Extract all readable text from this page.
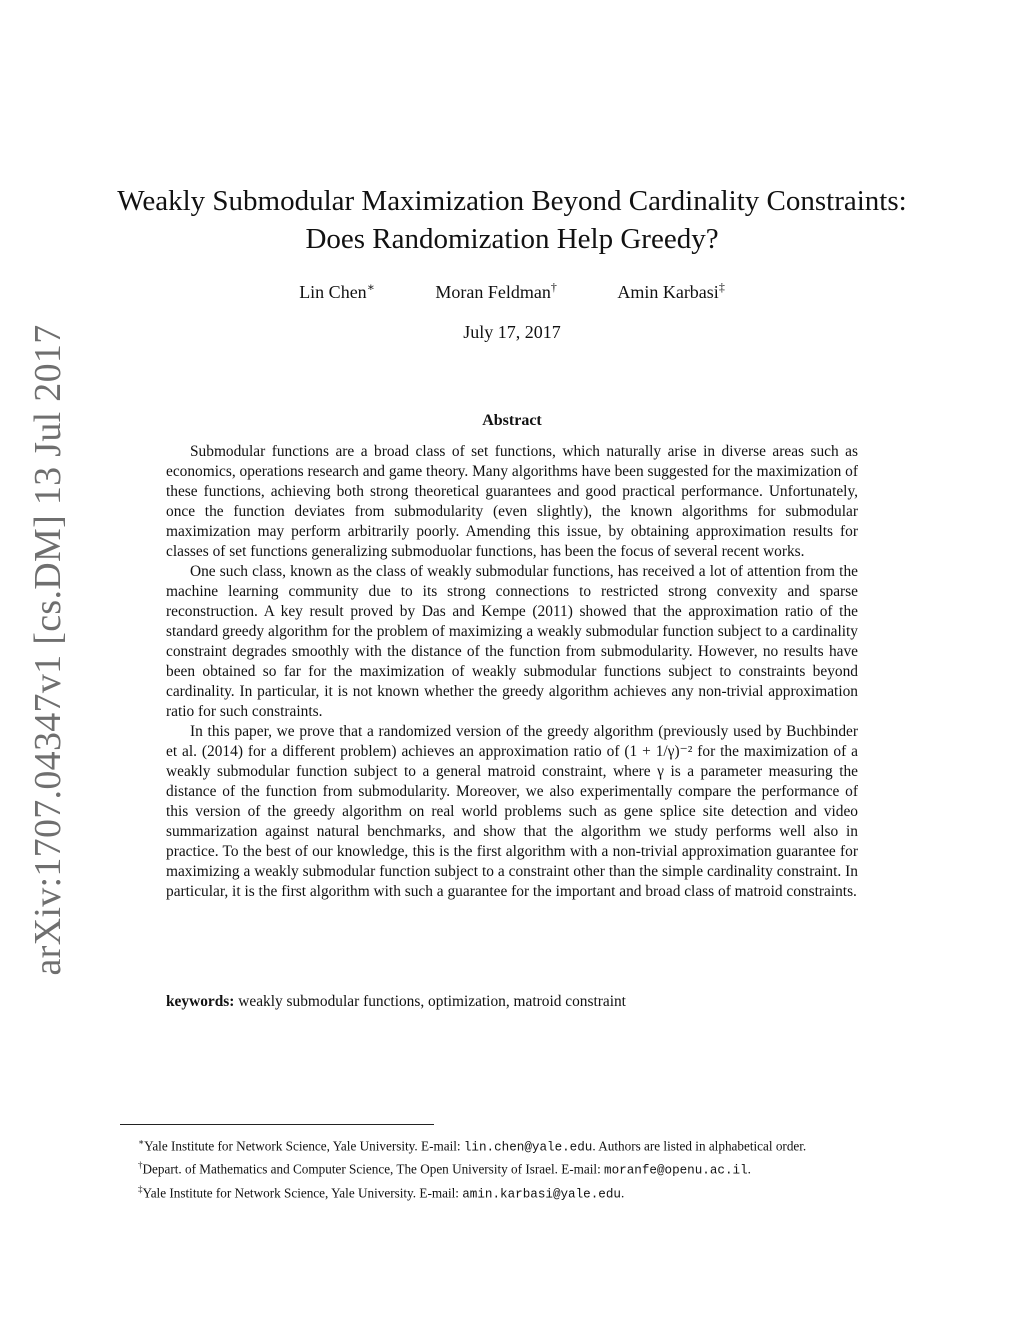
arXiv:1707.04347v1 [cs.DM] 13 Jul 2017
Weakly Submodular Maximization Beyond Cardinality Constraints:
Does Randomization Help Greedy?
Lin Chen∗	Moran Feldman†	Amin Karbasi‡
July 17, 2017
Abstract

Submodular functions are a broad class of set functions, which naturally arise in diverse areas such as economics, operations research and game theory. Many algorithms have been suggested for the maximization of these functions, achieving both strong theoretical guarantees and good practical performance. Unfortunately, once the function deviates from submodularity (even slightly), the known algorithms for submodular maximization may perform arbitrarily poorly. Amending this issue, by obtaining approximation results for classes of set functions generalizing submoduolar functions, has been the focus of several recent works.

One such class, known as the class of weakly submodular functions, has received a lot of attention from the machine learning community due to its strong connections to restricted strong convexity and sparse reconstruction. A key result proved by Das and Kempe (2011) showed that the approximation ratio of the standard greedy algorithm for the problem of maximizing a weakly submodular function subject to a cardinality constraint degrades smoothly with the distance of the function from submodularity. However, no results have been obtained so far for the maximization of weakly submodular functions subject to constraints beyond cardinality. In particular, it is not known whether the greedy algorithm achieves any non-trivial approximation ratio for such constraints.

In this paper, we prove that a randomized version of the greedy algorithm (previously used by Buchbinder et al. (2014) for a different problem) achieves an approximation ratio of (1 + 1/γ)⁻² for the maximization of a weakly submodular function subject to a general matroid constraint, where γ is a parameter measuring the distance of the function from submodularity. Moreover, we also experimentally compare the performance of this version of the greedy algorithm on real world problems such as gene splice site detection and video summarization against natural benchmarks, and show that the algorithm we study performs well also in practice. To the best of our knowledge, this is the first algorithm with a non-trivial approximation guarantee for maximizing a weakly submodular function subject to a constraint other than the simple cardinality constraint. In particular, it is the first algorithm with such a guarantee for the important and broad class of matroid constraints.

keywords: weakly submodular functions, optimization, matroid constraint

∗Yale Institute for Network Science, Yale University. E-mail: lin.chen@yale.edu. Authors are listed in alphabetical order.

†Depart. of Mathematics and Computer Science, The Open University of Israel. E-mail: moranfe@openu.ac.il.

‡Yale Institute for Network Science, Yale University. E-mail: amin.karbasi@yale.edu.
